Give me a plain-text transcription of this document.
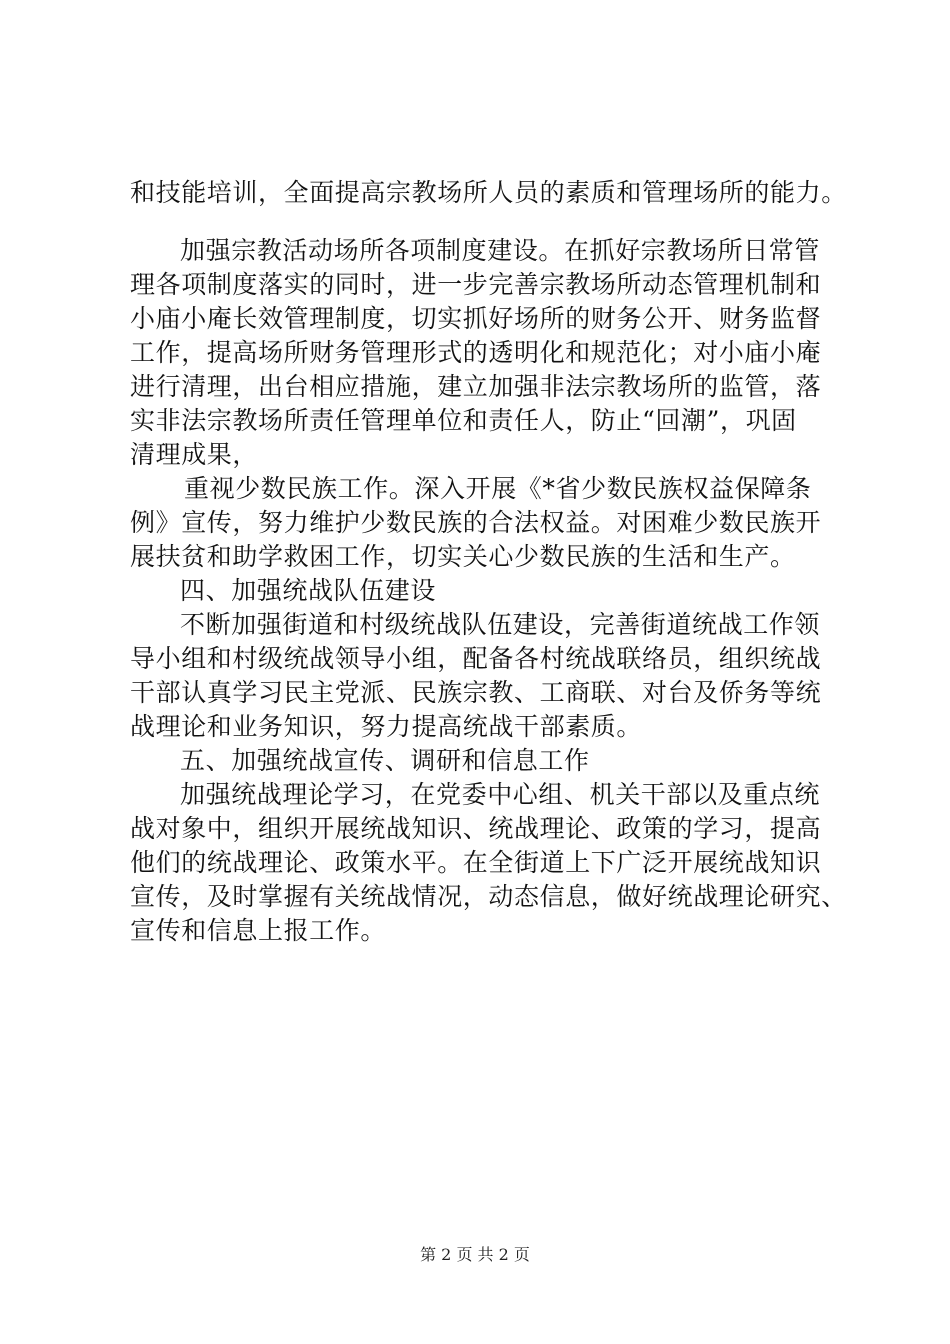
和技能培训，全面提高宗教场所人员的素质和管理场所的能力。
加强宗教活动场所各项制度建设。在抓好宗教场所日常管
理各项制度落实的同时，进一步完善宗教场所动态管理机制和
小庙小庵长效管理制度，切实抓好场所的财务公开、财务监督
工作，提高场所财务管理形式的透明化和规范化；对小庙小庵
进行清理，出台相应措施，建立加强非法宗教场所的监管，落
实非法宗教场所责任管理单位和责任人，防止“回潮”，巩固
清理成果，
重视少数民族工作。深入开展《*省少数民族权益保障条
例》宣传，努力维护少数民族的合法权益。对困难少数民族开
展扶贫和助学救困工作，切实关心少数民族的生活和生产。
四、加强统战队伍建设
不断加强街道和村级统战队伍建设，完善街道统战工作领
导小组和村级统战领导小组，配备各村统战联络员，组织统战
干部认真学习民主党派、民族宗教、工商联、对台及侨务等统
战理论和业务知识，努力提高统战干部素质。
五、加强统战宣传、调研和信息工作
加强统战理论学习，在党委中心组、机关干部以及重点统
战对象中，组织开展统战知识、统战理论、政策的学习，提高
他们的统战理论、政策水平。在全街道上下广泛开展统战知识
宣传，及时掌握有关统战情况，动态信息，做好统战理论研究、
宣传和信息上报工作。
第 2 页 共 2 页
